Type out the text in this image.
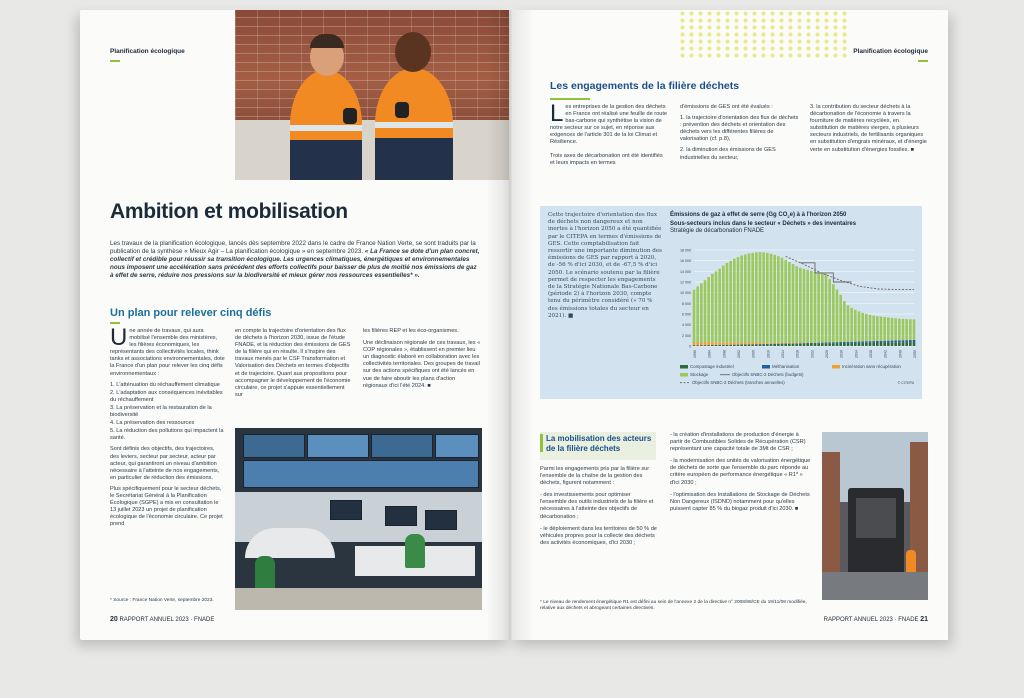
Planification écologique
Ambition et mobilisation
Les travaux de la planification écologique, lancés dès septembre 2022 dans le cadre de France Nation Verte, se sont traduits par la publication de la synthèse « Mieux Agir – La planification écologique » en septembre 2023. « La France se dote d'un plan concret, collectif et crédible pour réussir sa transition écologique. Les urgences climatiques, énergétiques et environnementales nous imposent une accélération sans précédent des efforts collectifs pour baisser de plus de moitié nos émissions de gaz à effet de serre, réduire nos pressions sur la biodiversité et mieux gérer nos ressources essentielles* ».
Un plan pour relever cinq défis
U ne année de travaux, qui aura mobilisé l'ensemble des ministères, les filières économiques, les représentants des collectivités locales, think tanks et associations environnementales, dote la France d'un plan pour relever les cinq défis environnementaux :
1. L'atténuation du réchauffement climatique
2. L'adaptation aux conséquences inévitables du réchauffement
3. La préservation et la restauration de la biodiversité
4. La préservation des ressources
5. La réduction des pollutions qui impactent la santé.

Sont définis des objectifs, des trajectoires, des leviers, secteur par secteur, acteur par acteur, qui garantiront un niveau d'ambition nécessaire à l'atteinte de nos engagements, en particulier de réduction des émissions.

Plus spécifiquement pour le secteur déchets, le Secrétariat Général à la Planification Écologique (SGPE) a mis en consultation le 13 juillet 2023 un projet de planification écologique de l'économie circulaire. Ce projet prend

en compte la trajectoire d'orientation des flux de déchets à l'horizon 2030, issue de l'étude FNADE, et la réduction des émissions de GES de la filière qui en résulte. Il s'inspire des travaux menés par le CSF Transformation et Valorisation des Déchets en termes d'objectifs et de trajectoire. Quant aux propositions pour accompagner le développement de l'économie circulaire, ce projet s'appuie essentiellement sur

les filières REP et les éco-organismes.

Une déclinaison régionale de ces travaux, les « COP régionales », établissent en premier lieu un diagnostic élaboré en collaboration avec les collectivités territoriales. Des groupes de travail sur des actions spécifiques ont été lancés en vue de faire aboutir les plans d'action régionaux d'ici l'été 2024. ■

* Source : France Nation Verte, septembre 2023.
20 RAPPORT ANNUEL 2023 · FNADE
Planification écologique
Les engagements de la filière déchets
L es entreprises de la gestion des déchets en France ont réalisé une feuille de route bas-carbone qui synthétise la vision de notre secteur sur ce sujet, en réponse aux exigences de l'article 301 de la loi Climat et Résilience.

Trois axes de décarbonation ont été identifiés et leurs impacts en termes

d'émissions de GES ont été évalués :

1. la trajectoire d'orientation des flux de déchets : prévention des déchets et orientation des déchets vers les différentes filières de valorisation (cf. p.8),

2. la diminution des émissions de GES industrielles du secteur,

3. la contribution du secteur déchets à la décarbonation de l'économie à travers la fourniture de matières recyclées, en substitution de matières vierges, à plusieurs secteurs industriels, de fertilisants organiques en substitution d'engrais minéraux, et d'énergie verte en substitution d'énergies fossiles. ■

Cette trajectoire d'orientation des flux de déchets non dangereux et non inertes à l'horizon 2050 a été quantifiée par le CITEPA en termes d'émissions de GES. Cette comptabilisation fait ressortir une importante diminution des émissions de GES par rapport à 2020, de -56 % d'ici 2030, et de -67,5 % d'ici 2050. Le scénario soutenu par la filière permet de respecter les engagements de la Stratégie Nationale Bas-Carbone (période 2) à l'horizon 2030, compte tenu du périmètre considéré (» 70 % des émissions totales du secteur en 2021). ■
Émissions de gaz à effet de serre (Gg $CO_2e$) à à l'horizon 2050
Sous-secteurs inclus dans le secteur « Déchets » des inventaires
Stratégie de décarbonation FNADE
18 000
16 000
14 000
12 000
10 000
8 000
6 000
4 000
2 000
0
1990	1994	1998	2002	2006	2010	2014	2018	2022	2026	2030	2034	2038	2042	2046	2050
Compostage industriel	Méthanisation	Incinération sans récupération
Stockage	Objectifs SNBC-2 Déchets (budgets)
Objectifs SNBC-2 Déchets (tranches annuelles)	© CITEPA
La mobilisation des acteurs de la filière déchets

Parmi les engagements pris par la filière sur l'ensemble de la chaîne de la gestion des déchets, figurent notamment :

- des investissements pour optimiser l'ensemble des outils industriels de la filière et nécessaires à l'atteinte des objectifs de décarbonation ;

- le déploiement dans les territoires de 50 % de véhicules propres pour la collecte des déchets des activités économiques, d'ici 2030 ;

- la création d'installations de production d'énergie à partir de Combustibles Solides de Récupération (CSR) représentant une capacité totale de 3Mt de CSR ;

- la modernisation des unités de valorisation énergétique de déchets de sorte que l'ensemble du parc réponde au critère européen de performance énergétique « R1* » d'ici 2030 ;

- l'optimisation des Installations de Stockage de Déchets Non Dangereux (ISDND) notamment pour qu'elles puissent capter 85 % du biogaz produit d'ici 2030. ■

* Le niveau de rendement énergétique R1 est défini au sein de l'annexe 2 de la directive n° 2008/98/CE du 19/11/08 modifiée, relative aux déchets et abrogeant certaines directives.
RAPPORT ANNUEL 2023 · FNADE 21
